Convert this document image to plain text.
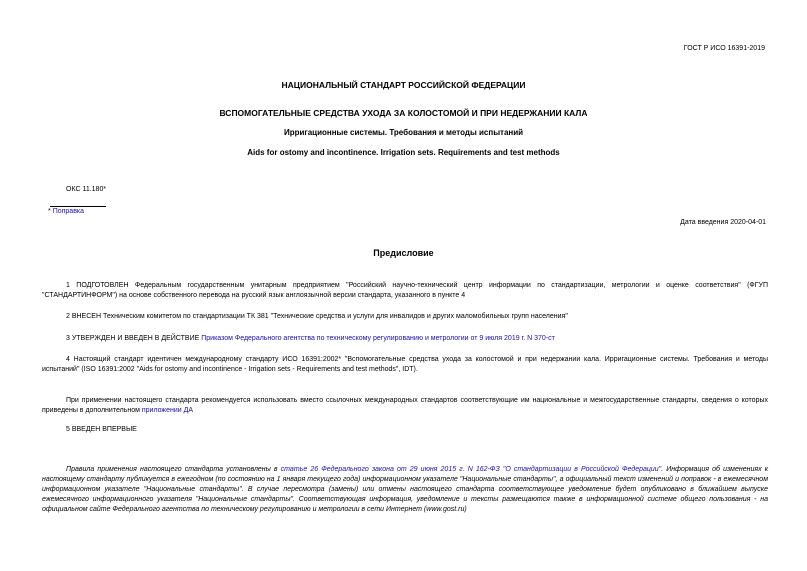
ГОСТ Р ИСО 16391-2019
НАЦИОНАЛЬНЫЙ СТАНДАРТ РОССИЙСКОЙ ФЕДЕРАЦИИ
ВСПОМОГАТЕЛЬНЫЕ СРЕДСТВА УХОДА ЗА КОЛОСТОМОЙ И ПРИ НЕДЕРЖАНИИ КАЛА
Ирригационные системы. Требования и методы испытаний
Aids for ostomy and incontinence. Irrigation sets. Requirements and test methods
ОКС 11.180*
* Поправка
Дата введения 2020-04-01
Предисловие
1 ПОДГОТОВЛЕН Федеральным государственным унитарным предприятием "Российский научно-технический центр информации по стандартизации, метрологии и оценке соответствия" (ФГУП "СТАНДАРТИНФОРМ") на основе собственного перевода на русский язык англоязычной версии стандарта, указанного в пункте 4
2 ВНЕСЕН Техническим комитетом по стандартизации ТК 381 "Технические средства и услуги для инвалидов и других маломобильных групп населения"
3 УТВЕРЖДЕН И ВВЕДЕН В ДЕЙСТВИЕ Приказом Федерального агентства по техническому регулированию и метрологии от 9 июля 2019 г. N 370-ст
4 Настоящий стандарт идентичен международному стандарту ИСО 16391:2002* "Вспомогательные средства ухода за колостомой и при недержании кала. Ирригационные системы. Требования и методы испытаний" (ISO 16391:2002 "Aids for ostomy and incontinence - Irrigation sets - Requirements and test methods", IDT).
При применении настоящего стандарта рекомендуется использовать вместо ссылочных международных стандартов соответствующие им национальные и межгосударственные стандарты, сведения о которых приведены в дополнительном приложении ДА
5 ВВЕДЕН ВПЕРВЫЕ
Правила применения настоящего стандарта установлены в статье 26 Федерального закона от 29 июня 2015 г. N 162-ФЗ "О стандартизации в Российской Федерации". Информация об изменениях к настоящему стандарту публикуется в ежегодном (по состоянию на 1 января текущего года) информационном указателе "Национальные стандарты", а официальный текст изменений и поправок - в ежемесячном информационном указателе "Национальные стандарты". В случае пересмотра (замены) или отмены настоящего стандарта соответствующее уведомление будет опубликовано в ближайшем выпуске ежемесячного информационного указателя "Национальные стандарты". Соответствующая информация, уведомление и тексты размещаются также в информационной системе общего пользования - на официальном сайте Федерального агентства по техническому регулированию и метрологии в сети Интернет (www.gost.ru)
